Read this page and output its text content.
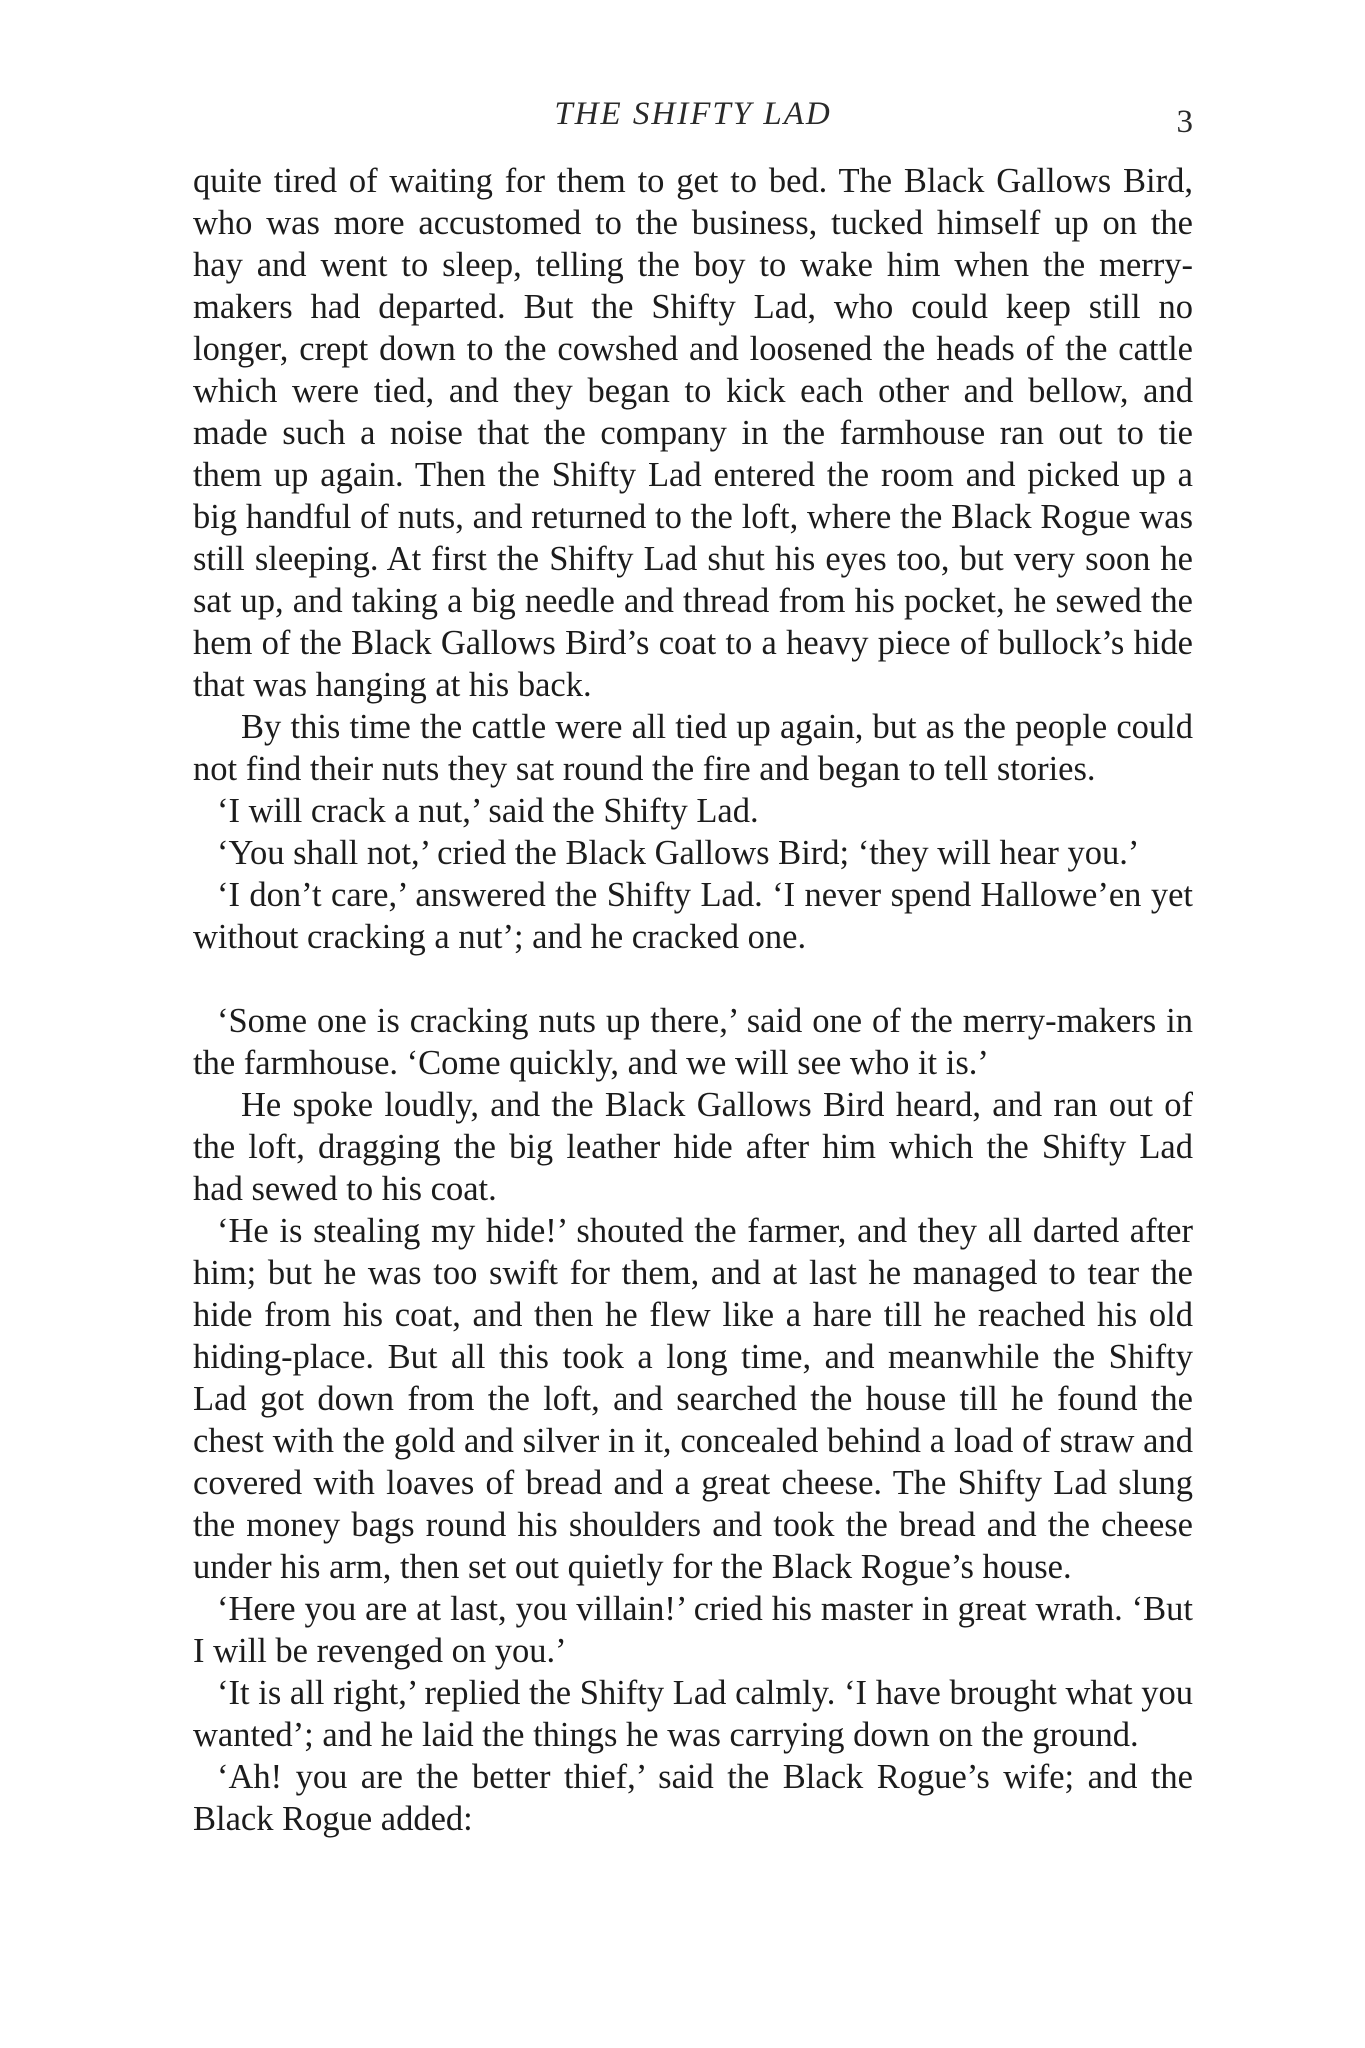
THE SHIFTY LAD	3

quite tired of waiting for them to get to bed. The Black Gallows Bird, who was more accustomed to the business, tucked himself up on the hay and went to sleep, telling the boy to wake him when the merry-makers had departed. But the Shifty Lad, who could keep still no longer, crept down to the cowshed and loosened the heads of the cattle which were tied, and they began to kick each other and bellow, and made such a noise that the company in the farmhouse ran out to tie them up again. Then the Shifty Lad entered the room and picked up a big handful of nuts, and returned to the loft, where the Black Rogue was still sleeping. At first the Shifty Lad shut his eyes too, but very soon he sat up, and taking a big needle and thread from his pocket, he sewed the hem of the Black Gallows Bird’s coat to a heavy piece of bullock’s hide that was hanging at his back.

By this time the cattle were all tied up again, but as the people could not find their nuts they sat round the fire and began to tell stories.

‘I will crack a nut,’ said the Shifty Lad.

‘You shall not,’ cried the Black Gallows Bird; ‘they will hear you.’

‘I don’t care,’ answered the Shifty Lad. ‘I never spend Hallowe’en yet without cracking a nut’; and he cracked one.

‘Some one is cracking nuts up there,’ said one of the merry-makers in the farmhouse. ‘Come quickly, and we will see who it is.’

He spoke loudly, and the Black Gallows Bird heard, and ran out of the loft, dragging the big leather hide after him which the Shifty Lad had sewed to his coat.

‘He is stealing my hide!’ shouted the farmer, and they all darted after him; but he was too swift for them, and at last he managed to tear the hide from his coat, and then he flew like a hare till he reached his old hiding-place. But all this took a long time, and meanwhile the Shifty Lad got down from the loft, and searched the house till he found the chest with the gold and silver in it, concealed behind a load of straw and covered with loaves of bread and a great cheese. The Shifty Lad slung the money bags round his shoulders and took the bread and the cheese under his arm, then set out quietly for the Black Rogue’s house.

‘Here you are at last, you villain!’ cried his master in great wrath. ‘But I will be revenged on you.’

‘It is all right,’ replied the Shifty Lad calmly. ‘I have brought what you wanted’; and he laid the things he was carrying down on the ground.

‘Ah! you are the better thief,’ said the Black Rogue’s wife; and the Black Rogue added:
